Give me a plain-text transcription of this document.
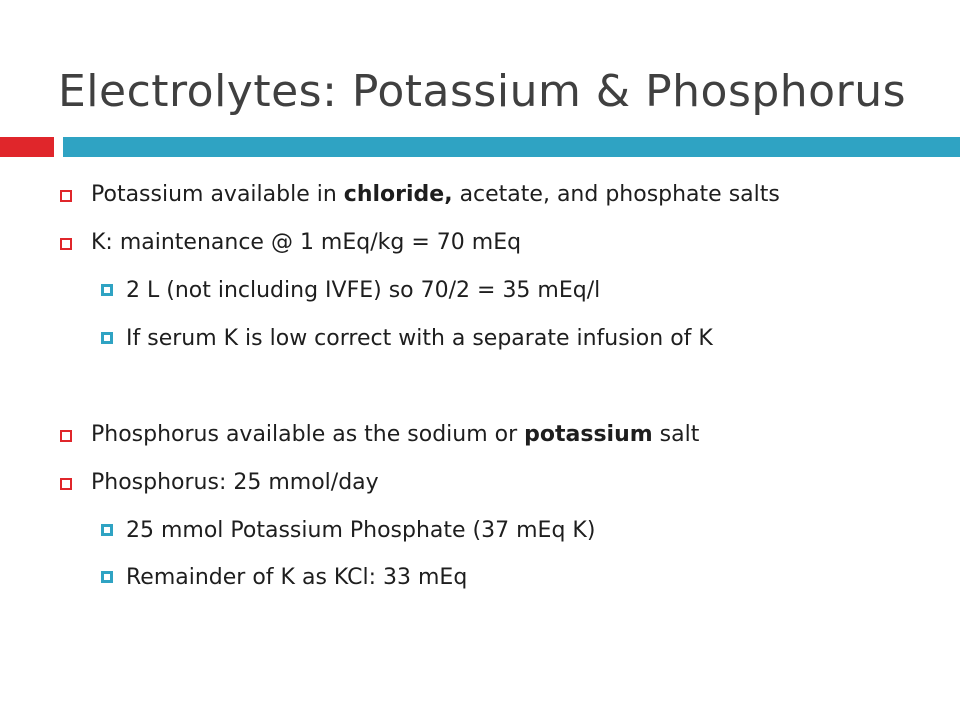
Electrolytes: Potassium & Phosphorus
Potassium available in chloride, acetate, and phosphate salts
K: maintenance @ 1 mEq/kg = 70 mEq
2 L (not including IVFE) so 70/2 = 35 mEq/l
If serum K is low correct with a separate infusion of K
Phosphorus available as the sodium or potassium salt
Phosphorus: 25 mmol/day
25 mmol Potassium Phosphate (37 mEq K)
Remainder of K as KCl: 33 mEq
